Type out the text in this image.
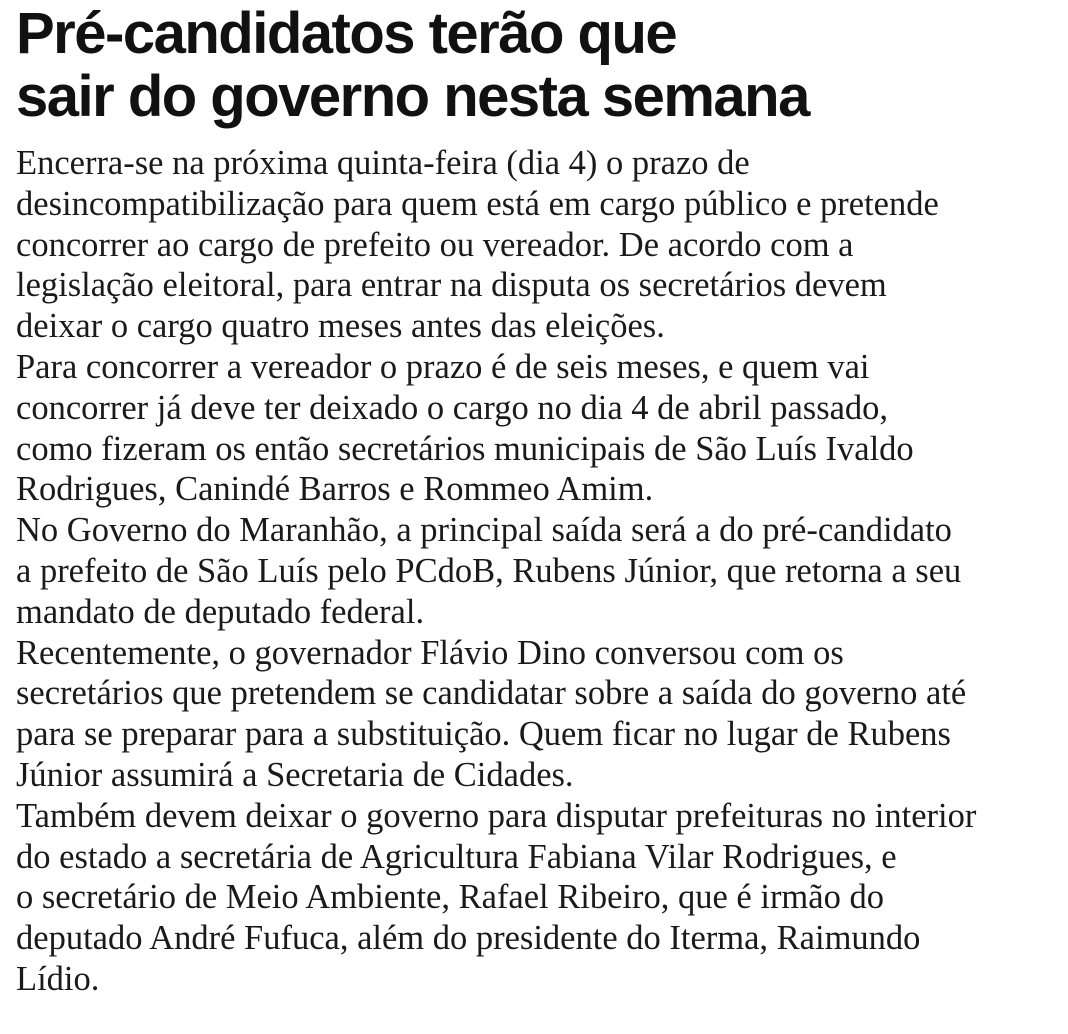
Pré-candidatos terão que
sair do governo nesta semana
Encerra-se na próxima quinta-feira (dia 4) o prazo de
desincompatibilização para quem está em cargo público e pretende
concorrer ao cargo de prefeito ou vereador. De acordo com a
legislação eleitoral, para entrar na disputa os secretários devem
deixar o cargo quatro meses antes das eleições.
Para concorrer a vereador o prazo é de seis meses, e quem vai
concorrer já deve ter deixado o cargo no dia 4 de abril passado,
como fizeram os então secretários municipais de São Luís Ivaldo
Rodrigues, Canindé Barros e Rommeo Amim.
No Governo do Maranhão, a principal saída será a do pré-candidato
a prefeito de São Luís pelo PCdoB, Rubens Júnior, que retorna a seu
mandato de deputado federal.
Recentemente, o governador Flávio Dino conversou com os
secretários que pretendem se candidatar sobre a saída do governo até
para se preparar para a substituição. Quem ficar no lugar de Rubens
Júnior assumirá a Secretaria de Cidades.
Também devem deixar o governo para disputar prefeituras no interior
do estado a secretária de Agricultura Fabiana Vilar Rodrigues, e
o secretário de Meio Ambiente, Rafael Ribeiro, que é irmão do
deputado André Fufuca, além do presidente do Iterma, Raimundo
Lídio.
